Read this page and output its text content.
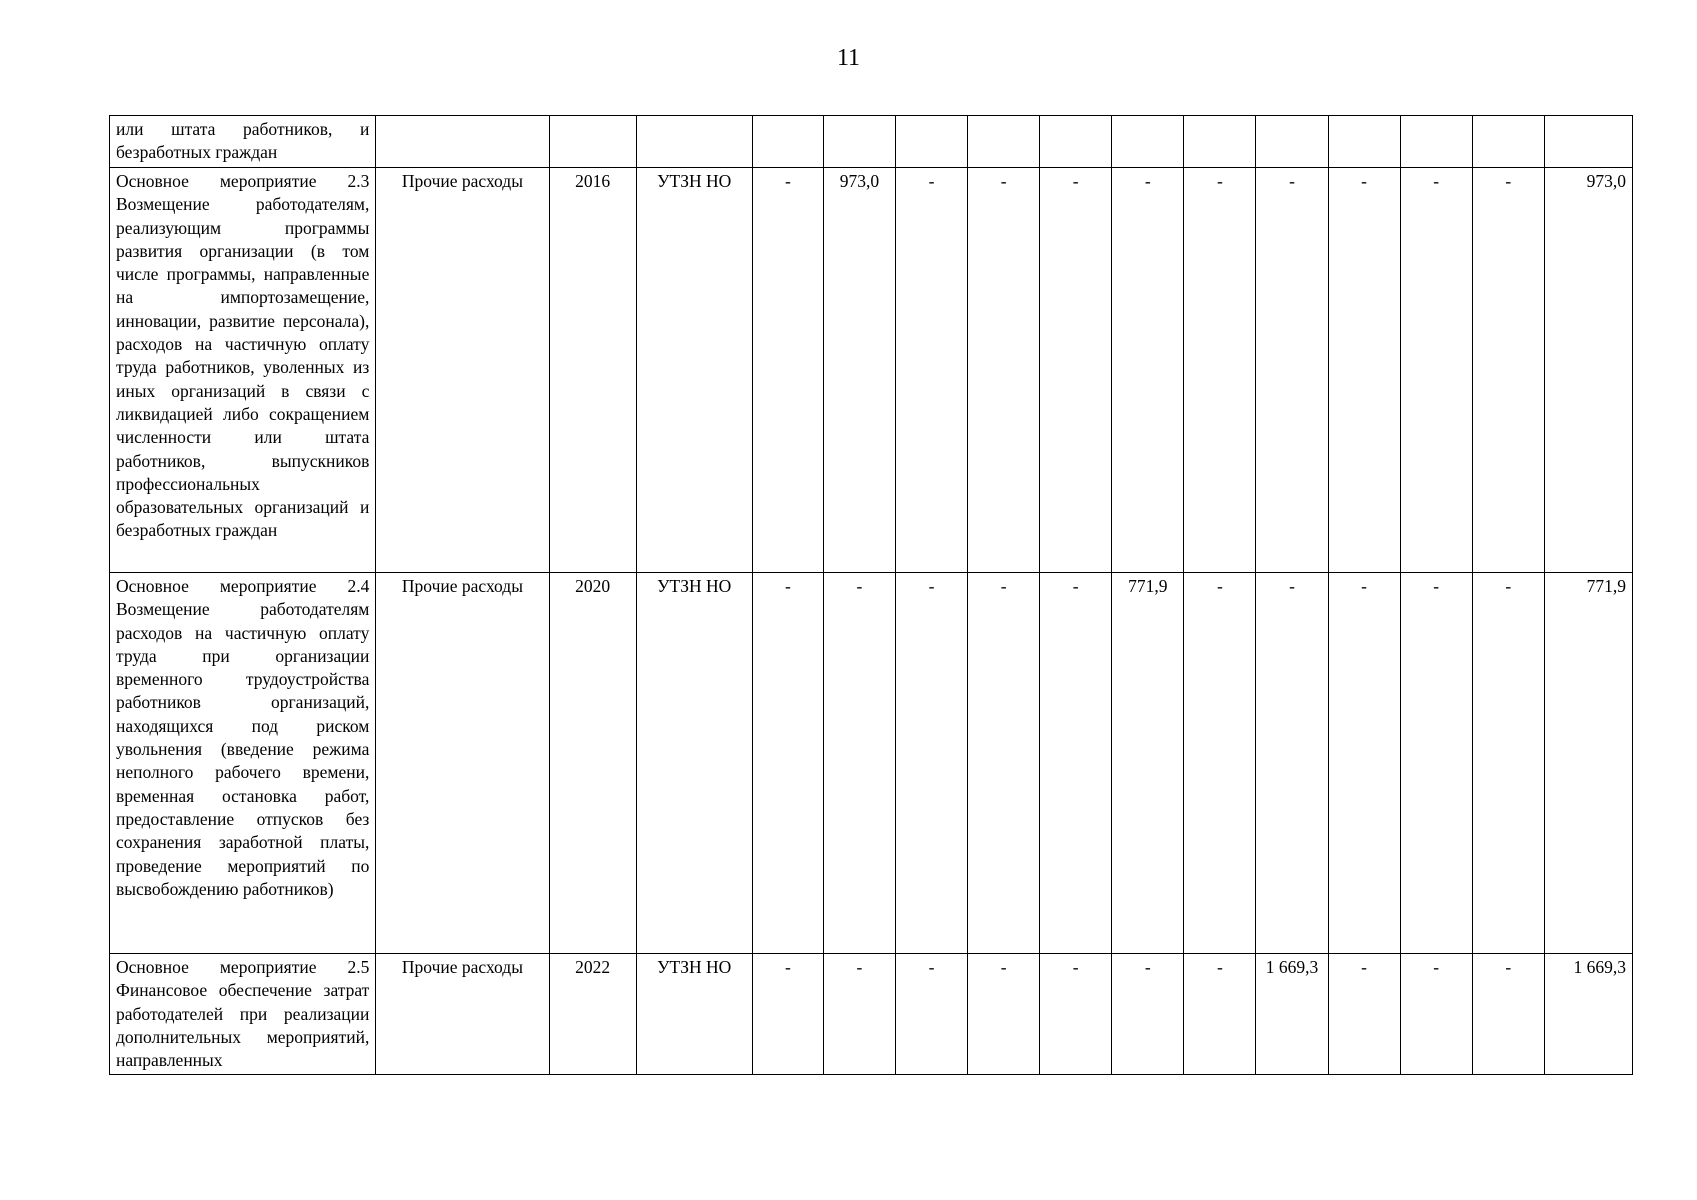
11
или штата работников, и безработных граждан															
Основное мероприятие 2.3 Возмещение работодателям, реализующим программы развития организации (в том числе программы, направленные на импортозамещение, инновации, развитие персонала), расходов на частичную оплату труда работников, уволенных из иных организаций в связи с ликвидацией либо сокращением численности или штата работников, выпускников профессиональных образовательных организаций и безработных граждан	Прочие расходы	2016	УТЗН НО	-	973,0	-	-	-	-	-	-	-	-	-	973,0
Основное мероприятие 2.4 Возмещение работодателям расходов на частичную оплату труда при организации временного трудоустройства работников организаций, находящихся под риском увольнения (введение режима неполного рабочего времени, временная остановка работ, предоставление отпусков без сохранения заработной платы, проведение мероприятий по высвобождению работников)	Прочие расходы	2020	УТЗН НО	-	-	-	-	-	771,9	-	-	-	-	-	771,9
Основное мероприятие 2.5 Финансовое обеспечение затрат работодателей при реализации дополнительных мероприятий, направленных	Прочие расходы	2022	УТЗН НО	-	-	-	-	-	-	-	1 669,3	-	-	-	1 669,3
